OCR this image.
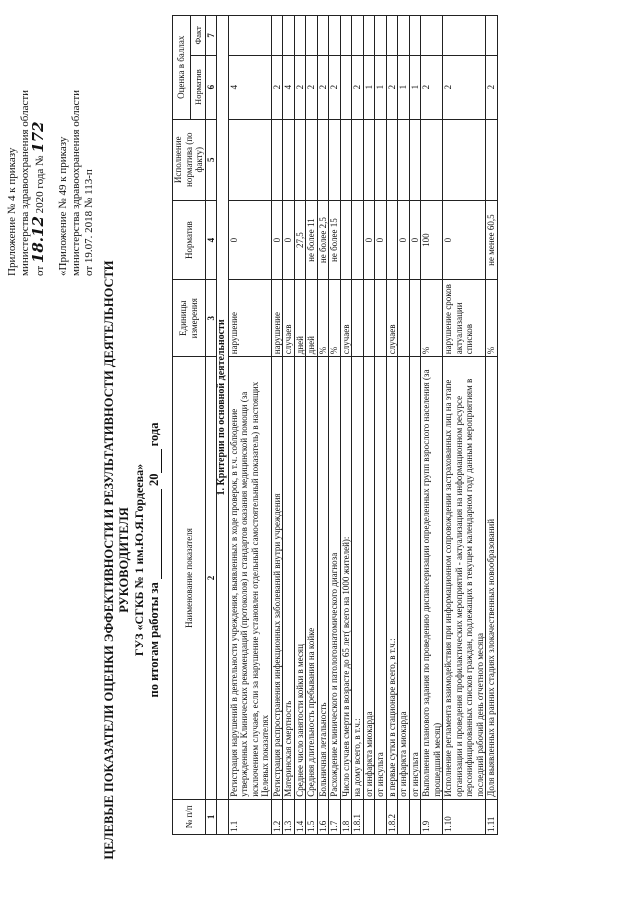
Приложение № 4 к приказу министерства здравоохранения области от 18.12 2020 года № 172 «Приложение № 49 к приказу министерства здравоохранения области от 19.07. 2018 № 113-п

ЦЕЛЕВЫЕ ПОКАЗАТЕЛИ ОЦЕНКИ ЭФФЕКТИВНОСТИ И РЕЗУЛЬТАТИВНОСТИ ДЕЯТЕЛЬНОСТИ РУКОВОДИТЕЛЯ ГУЗ «СГКБ № 1 им.Ю.Я.Гордеева» по итогам работы за  20 года
№ п/п	Наименование показателя	Единицы измерения	Норматив	Исполнение норматива (по факту)	Оценка в баллах	
					Норматив	Факт
1	2	3	4	5	6	7
	1. Критерии по основной деятельности					
1.1	Регистрация нарушений в деятельности учреждения, выявленных в ходе проверок, в т.ч. соблюдение утвержденных Клинических рекомендаций (протоколов) и стандартов оказания медицинской помощи (за исключением случаев, если за нарушение установлен отдельный самостоятельный показатель) в настоящих Целевых показателях	нарушение	0		4	
1.2	Регистрация распространения инфекционных заболеваний внутри учреждения	нарушение	0		2	
1.3	Материнская смертность	случаев	0		4	
1.4	Среднее число занятости койки в месяц	дней	27,5		2	
1.5	Средняя длительность пребывания на койке	дней	не более 11		2	
1.6	Больничная летальность	%	не более 2,5		2	
1.7	Расхождение клинического и патологоанатомического диагноза	%	не более 15		2	
1.8	Число случаев смерти в возрасте до 65 лет( всего на 1000 жителей):	случаев				
1.8.1	на дому всего, в т.ч.:				2	
	от инфаркта миокарда		0		1	
	от инсульта		0		1	
1.8.2	в первые сутки в стационаре всего, в т.ч.:	случаев			2	
	от инфаркта миокарда		0		1	
	от инсульта		0		1	
1.9	Выполнение планового задания по проведению диспансеризации определенных групп взрослого населения (за прошедший месяц)	%	100		2	
1.10	Исполнение регламента взаимодействия при информационном сопровождении застрахованных лиц на этапе организации и проведения профилактических мероприятий - актуализация на информационном ресурсе персонифицированных списков граждан, подлежащих в текущем календарном году данным мероприятиям в последний рабочий день отчетного месяца	нарушение сроков актуализации списков	0		2	
1.11	Доля выявленных на ранних стадиях злокачественных новообразований	%	не менее 60,5		2	
